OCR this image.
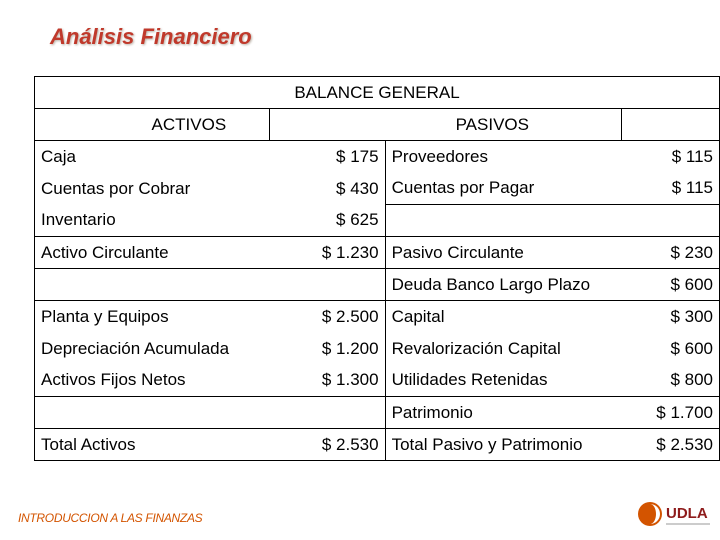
Análisis Financiero
BALANCE GENERAL			
ACTIVOS	PASIVOS		
Caja	$ 175	Proveedores	$ 115
Cuentas por Cobrar	$ 430	Cuentas por Pagar	$ 115
Inventario	$ 625		
Activo Circulante	$ 1.230	Pasivo Circulante	$ 230
		Deuda Banco Largo Plazo	$ 600
Planta y Equipos	$ 2.500	Capital	$ 300
Depreciación Acumulada	$ 1.200	Revalorización Capital	$ 600
Activos Fijos Netos	$ 1.300	Utilidades Retenidas	$ 800
		Patrimonio	$ 1.700
Total Activos	$ 2.530	Total Pasivo y Patrimonio	$ 2.530
INTRODUCCION A LAS FINANZAS	UDLA
